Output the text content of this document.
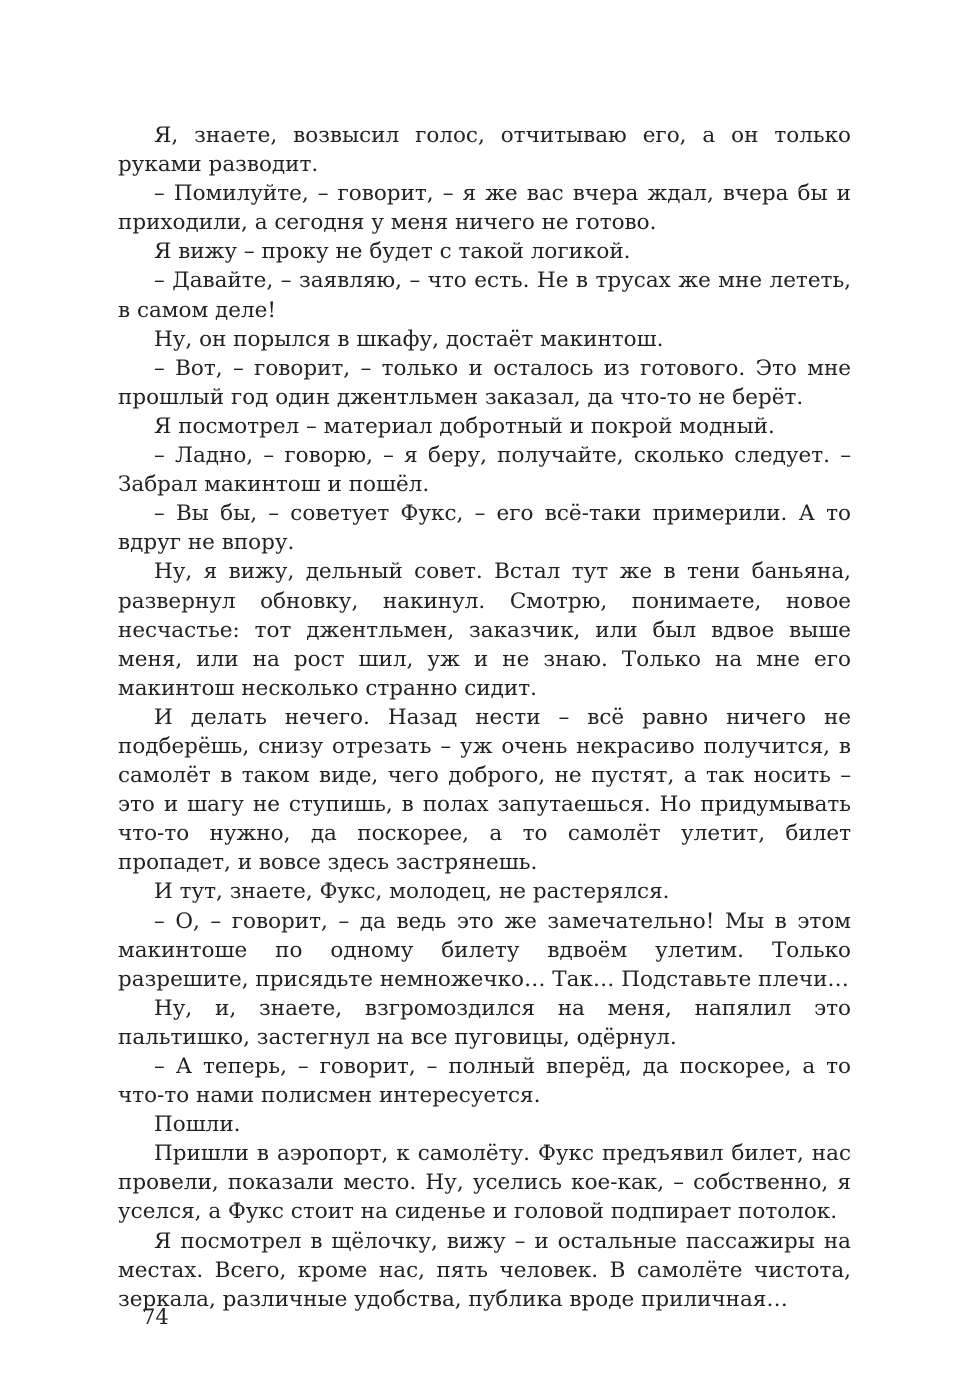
Я, знаете, возвысил голос, отчитываю его, а он только руками разводит.

– Помилуйте, – говорит, – я же вас вчера ждал, вчера бы и приходили, а сегодня у меня ничего не готово.

Я вижу – проку не будет с такой логикой.

– Давайте, – заявляю, – что есть. Не в трусах же мне лететь, в самом деле!

Ну, он порылся в шкафу, достаёт макинтош.

– Вот, – говорит, – только и осталось из готового. Это мне прошлый год один джентльмен заказал, да что-то не берёт.

Я посмотрел – материал добротный и покрой модный.

– Ладно, – говорю, – я беру, получайте, сколько следует. – Забрал макинтош и пошёл.

– Вы бы, – советует Фукс, – его всё-таки примерили. А то вдруг не впору.

Ну, я вижу, дельный совет. Встал тут же в тени баньяна, развернул обновку, накинул. Смотрю, понимаете, новое несчастье: тот джентльмен, заказчик, или был вдвое выше меня, или на рост шил, уж и не знаю. Только на мне его макинтош несколько странно сидит.

И делать нечего. Назад нести – всё равно ничего не подберёшь, снизу отрезать – уж очень некрасиво получится, в самолёт в таком виде, чего доброго, не пустят, а так носить – это и шагу не ступишь, в полах запутаешься. Но придумывать что-то нужно, да поскорее, а то самолёт улетит, билет пропадет, и вовсе здесь застрянешь.

И тут, знаете, Фукс, молодец, не растерялся.

– О, – говорит, – да ведь это же замечательно! Мы в этом макинтоше по одному билету вдвоём улетим. Только разрешите, присядьте немножечко… Так… Подставьте плечи…

Ну, и, знаете, взгромоздился на меня, напялил это пальтишко, застегнул на все пуговицы, одёрнул.

– А теперь, – говорит, – полный вперёд, да поскорее, а то что-то нами полисмен интересуется.

Пошли.

Пришли в аэропорт, к самолёту. Фукс предъявил билет, нас провели, показали место. Ну, уселись кое-как, – собственно, я уселся, а Фукс стоит на сиденье и головой подпирает потолок.

Я посмотрел в щёлочку, вижу – и остальные пассажиры на местах. Всего, кроме нас, пять человек. В самолёте чистота, зеркала, различные удобства, публика вроде приличная…

74
